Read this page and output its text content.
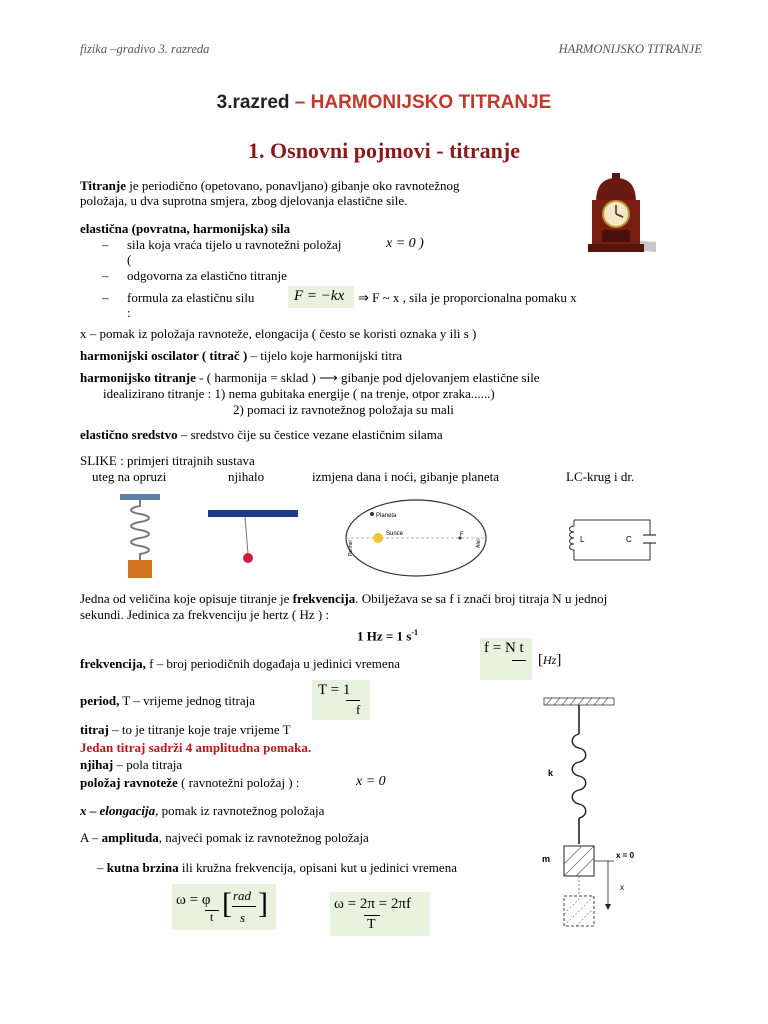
fizika –gradivo 3. razreda	HARMONIJSKO TITRANJE
3.razred – HARMONIJSKO TITRANJE
1. Osnovni pojmovi - titranje
Titranje je periodično (opetovano, ponavljano) gibanje oko ravnotežnog
položaja, u dva suprotna smjera, zbog djelovanja elastične sile.
elastična (povratna, harmonijska) sila
– sila koja vraća tijelo u ravnotežni položaj	x = 0 )
(
– odgovorna za elastično titranje
– formula za elastičnu silu	F = −kx ⇒ F ~ x , sila je proporcionalna pomaku x
:
x – pomak iz položaja ravnoteže, elongacija ( često se koristi oznaka y ili s )
harmonijski oscilator ( titrač ) – tijelo koje harmonijski titra
harmonijsko titranje - ( harmonija = sklad ) ⟶ gibanje pod djelovanjem elastične sile
idealizirano titranje : 1) nema gubitaka energije ( na trenje, otpor zraka......)
2) pomaci iz ravnotežnog položaja su mali
elastično sredstvo – sredstvo čije su čestice vezane elastičnim silama
SLIKE : primjeri titrajnih sustava
uteg na opruzi	njihalo	izmjena dana i noći, gibanje planeta	LC-krug i dr.
Planeta
Sunce	F
Perihel	Afel	L	C
Jedna od veličina koje opisuje titranje je frekvencija. Obilježava se sa f i znači broj titraja N u jednoj
sekundi. Jedinica za frekvenciju je hertz ( Hz ) :
1 Hz = 1 $s^{-1}$
frekvencija, f – broj periodičnih događaja u jedinici vremena
f = N t
[Hz]
period, T – vrijeme jednog titraja
T = 1
f
titraj – to je titranje koje traje vrijeme T
Jedan titraj sadrži 4 amplitudna pomaka.
njihaj – pola titraja
položaj ravnoteže ( ravnotežni položaj ) :	x = 0
x – elongacija, pomak iz ravnotežnog položaja
A – amplituda, najveći pomak iz ravnotežnog položaja
– kutna brzina ili kružna frekvencija, opisani kut u jedinici vremena
ω = φ
t [ rad
s ]	ω = 2π = 2πf
T
k
m	x = 0
x
